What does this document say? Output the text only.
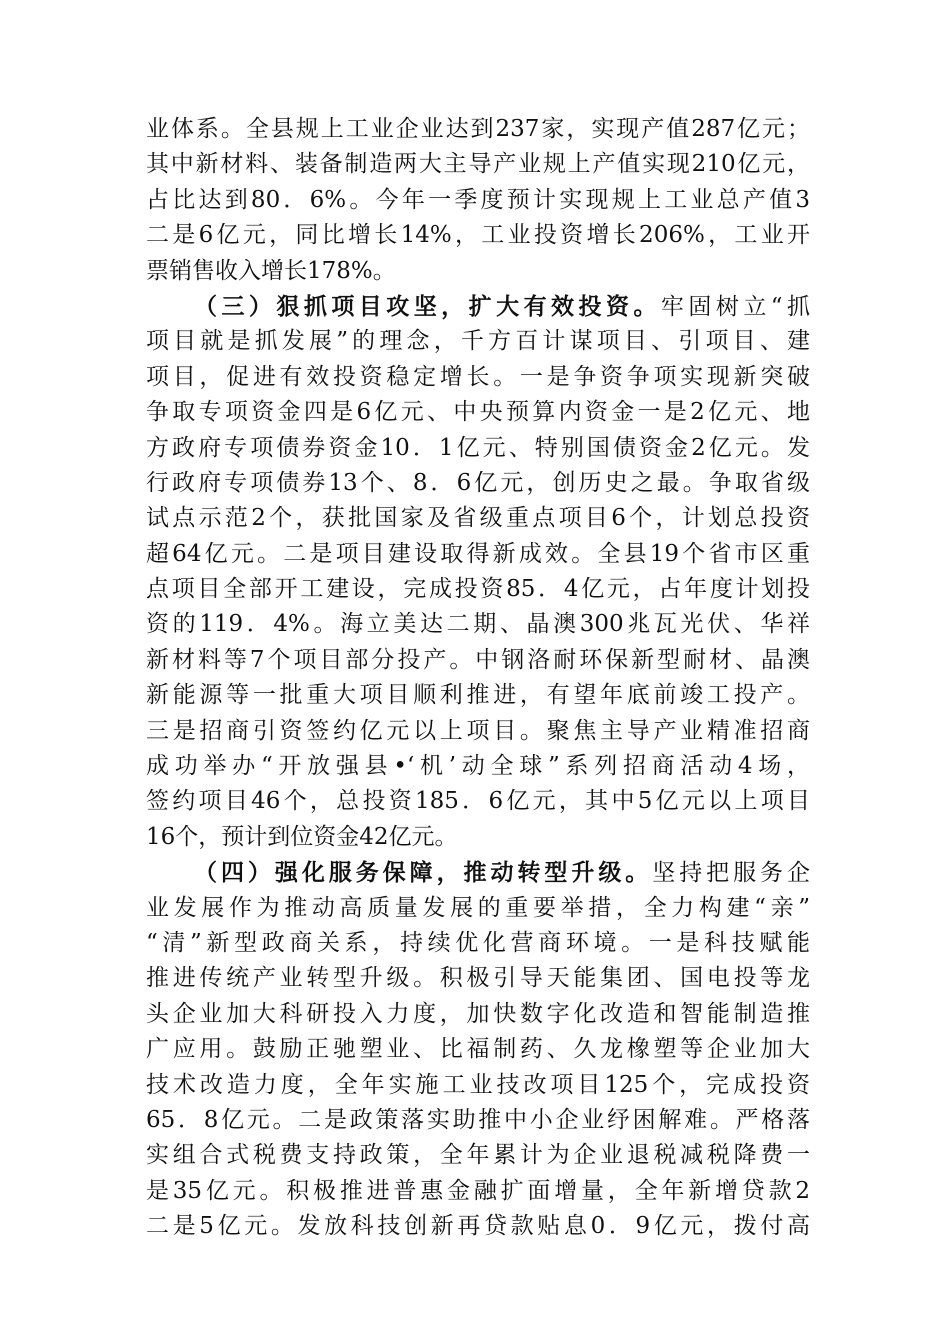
业体系。全县规上工业企业达到237家，实现产值287亿元；
其中新材料、装备制造两大主导产业规上产值实现210亿元，
占比达到80．6%。今年一季度预计实现规上工业总产值3
二是6亿元，同比增长14%，工业投资增长206%，工业开
票销售收入增长178%。
（三）狠抓项目攻坚，扩大有效投资。牢固树立“抓
项目就是抓发展”的理念，千方百计谋项目、引项目、建
项目，促进有效投资稳定增长。一是争资争项实现新突破
争取专项资金四是6亿元、中央预算内资金一是2亿元、地
方政府专项债券资金10．1亿元、特别国债资金2亿元。发
行政府专项债券13个、8．6亿元，创历史之最。争取省级
试点示范2个，获批国家及省级重点项目6个，计划总投资
超64亿元。二是项目建设取得新成效。全县19个省市区重
点项目全部开工建设，完成投资85．4亿元，占年度计划投
资的119．4%。海立美达二期、晶澳300兆瓦光伏、华祥
新材料等7个项目部分投产。中钢洛耐环保新型耐材、晶澳
新能源等一批重大项目顺利推进，有望年底前竣工投产。
三是招商引资签约亿元以上项目。聚焦主导产业精准招商
成功举办“开放强县•‘机’动全球”系列招商活动4场，
签约项目46个，总投资185．6亿元，其中5亿元以上项目
16个，预计到位资金42亿元。
（四）强化服务保障，推动转型升级。坚持把服务企
业发展作为推动高质量发展的重要举措，全力构建“亲”
“清”新型政商关系，持续优化营商环境。一是科技赋能
推进传统产业转型升级。积极引导天能集团、国电投等龙
头企业加大科研投入力度，加快数字化改造和智能制造推
广应用。鼓励正驰塑业、比福制药、久龙橡塑等企业加大
技术改造力度，全年实施工业技改项目125个，完成投资
65．8亿元。二是政策落实助推中小企业纾困解难。严格落
实组合式税费支持政策，全年累计为企业退税减税降费一
是35亿元。积极推进普惠金融扩面增量，全年新增贷款2
二是5亿元。发放科技创新再贷款贴息0．9亿元，拨付高
